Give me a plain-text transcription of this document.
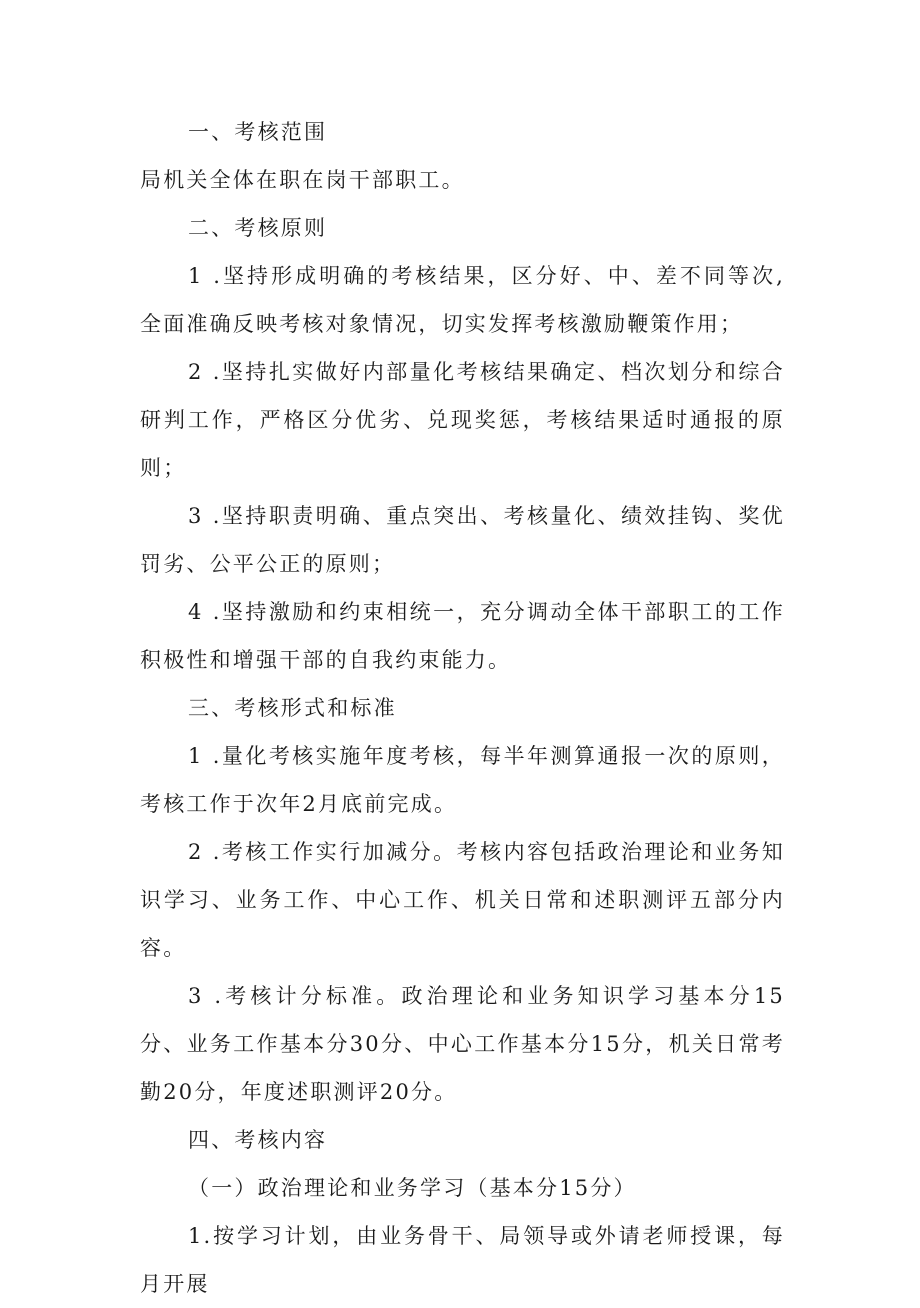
一、考核范围

局机关全体在职在岗干部职工。

二、考核原则

1 .坚持形成明确的考核结果，区分好、中、差不同等次,全面准确反映考核对象情况，切实发挥考核激励鞭策作用；

2 .坚持扎实做好内部量化考核结果确定、档次划分和综合研判工作，严格区分优劣、兑现奖惩，考核结果适时通报的原则；

3 .坚持职责明确、重点突出、考核量化、绩效挂钩、奖优罚劣、公平公正的原则；

4 .坚持激励和约束相统一，充分调动全体干部职工的工作积极性和增强干部的自我约束能力。

三、考核形式和标准

1 .量化考核实施年度考核，每半年测算通报一次的原则，考核工作于次年2月底前完成。

2 .考核工作实行加减分。考核内容包括政治理论和业务知识学习、业务工作、中心工作、机关日常和述职测评五部分内容。

3 .考核计分标准。政治理论和业务知识学习基本分15分、业务工作基本分30分、中心工作基本分15分，机关日常考勤20分，年度述职测评20分。

四、考核内容

（一）政治理论和业务学习（基本分15分）

1.按学习计划，由业务骨干、局领导或外请老师授课，每月开展
